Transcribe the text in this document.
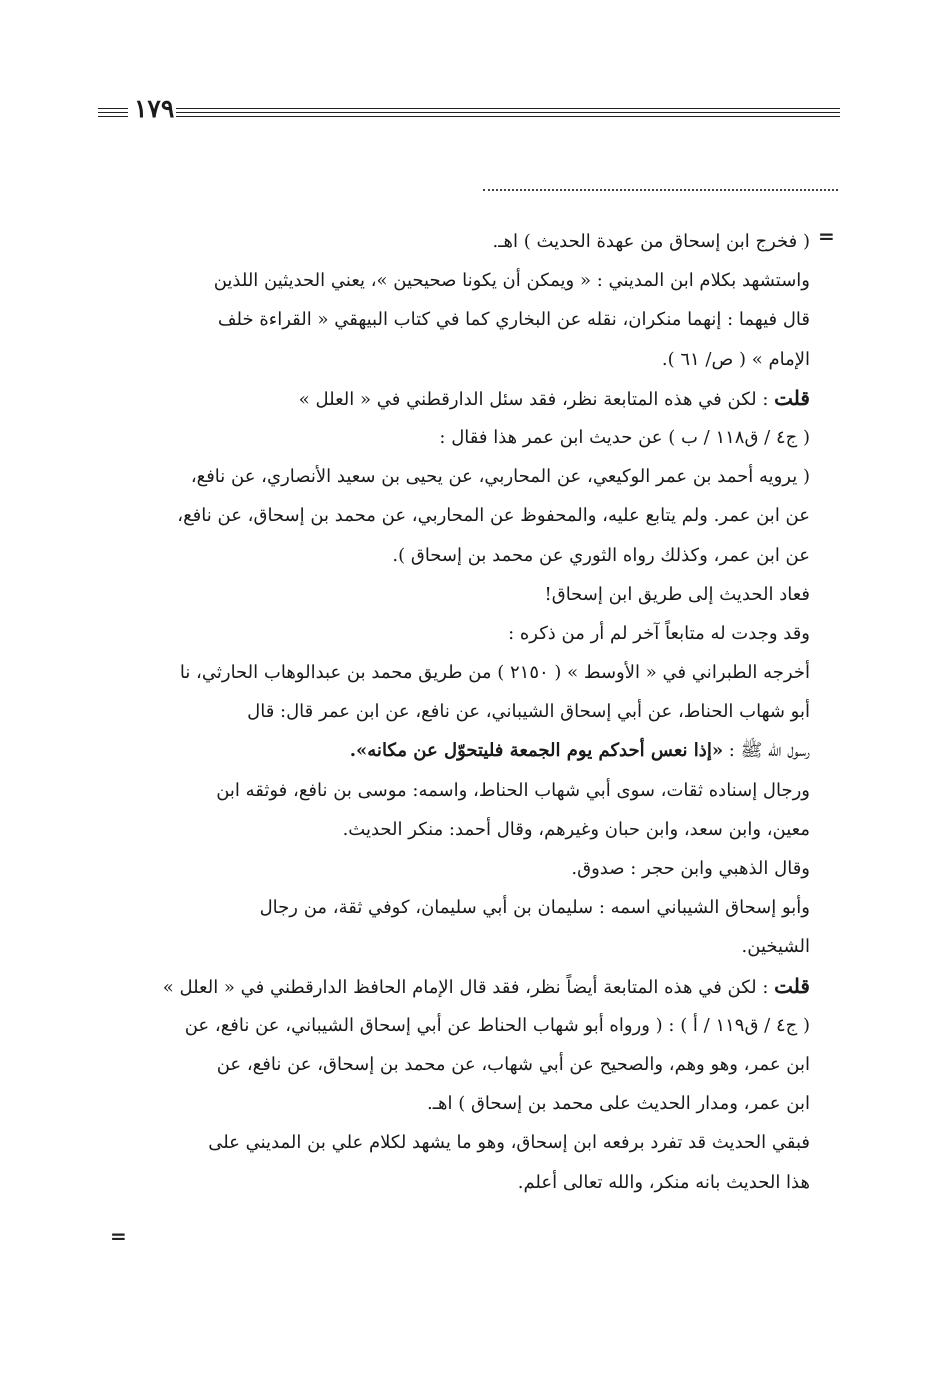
١٧٩
=
=
( فخرج ابن إسحاق من عهدة الحديث ) اهـ.
واستشهد بكلام ابن المديني : « ويمكن أن يكونا صحيحين »، يعني الحديثين اللذين
قال فيهما : إنهما منكران، نقله عن البخاري كما في كتاب البيهقي « القراءة خلف
الإمام » ( ص/ ٦١ ).
قلت : لكن في هذه المتابعة نظر، فقد سئل الدارقطني في « العلل »
( ج٤ / ق١١٨ / ب ) عن حديث ابن عمر هذا فقال :
( يرويه أحمد بن عمر الوكيعي، عن المحاربي، عن يحيى بن سعيد الأنصاري، عن نافع،
عن ابن عمر. ولم يتابع عليه، والمحفوظ عن المحاربي، عن محمد بن إسحاق، عن نافع،
عن ابن عمر، وكذلك رواه الثوري عن محمد بن إسحاق ).
فعاد الحديث إلى طريق ابن إسحاق!
وقد وجدت له متابعاً آخر لم أر من ذكره :
أخرجه الطبراني في « الأوسط » ( ٢١٥٠ ) من طريق محمد بن عبدالوهاب الحارثي، نا
أبو شهاب الحناط، عن أبي إسحاق الشيباني، عن نافع، عن ابن عمر قال: قال
رسول الله ﷺ : «إذا نعس أحدكم يوم الجمعة فليتحوّل عن مكانه».
ورجال إسناده ثقات، سوى أبي شهاب الحناط، واسمه: موسى بن نافع، فوثقه ابن
معين، وابن سعد، وابن حبان وغيرهم، وقال أحمد: منكر الحديث.
وقال الذهبي وابن حجر : صدوق.
وأبو إسحاق الشيباني اسمه : سليمان بن أبي سليمان، كوفي ثقة، من رجال
الشيخين.
قلت : لكن في هذه المتابعة أيضاً نظر، فقد قال الإمام الحافظ الدارقطني في « العلل »
( ج٤ / ق١١٩ / أ ) : ( ورواه أبو شهاب الحناط عن أبي إسحاق الشيباني، عن نافع، عن
ابن عمر، وهو وهم، والصحيح عن أبي شهاب، عن محمد بن إسحاق، عن نافع، عن
ابن عمر، ومدار الحديث على محمد بن إسحاق ) اهـ.
فبقي الحديث قد تفرد برفعه ابن إسحاق، وهو ما يشهد لكلام علي بن المديني على
هذا الحديث بانه منكر، والله تعالى أعلم.
